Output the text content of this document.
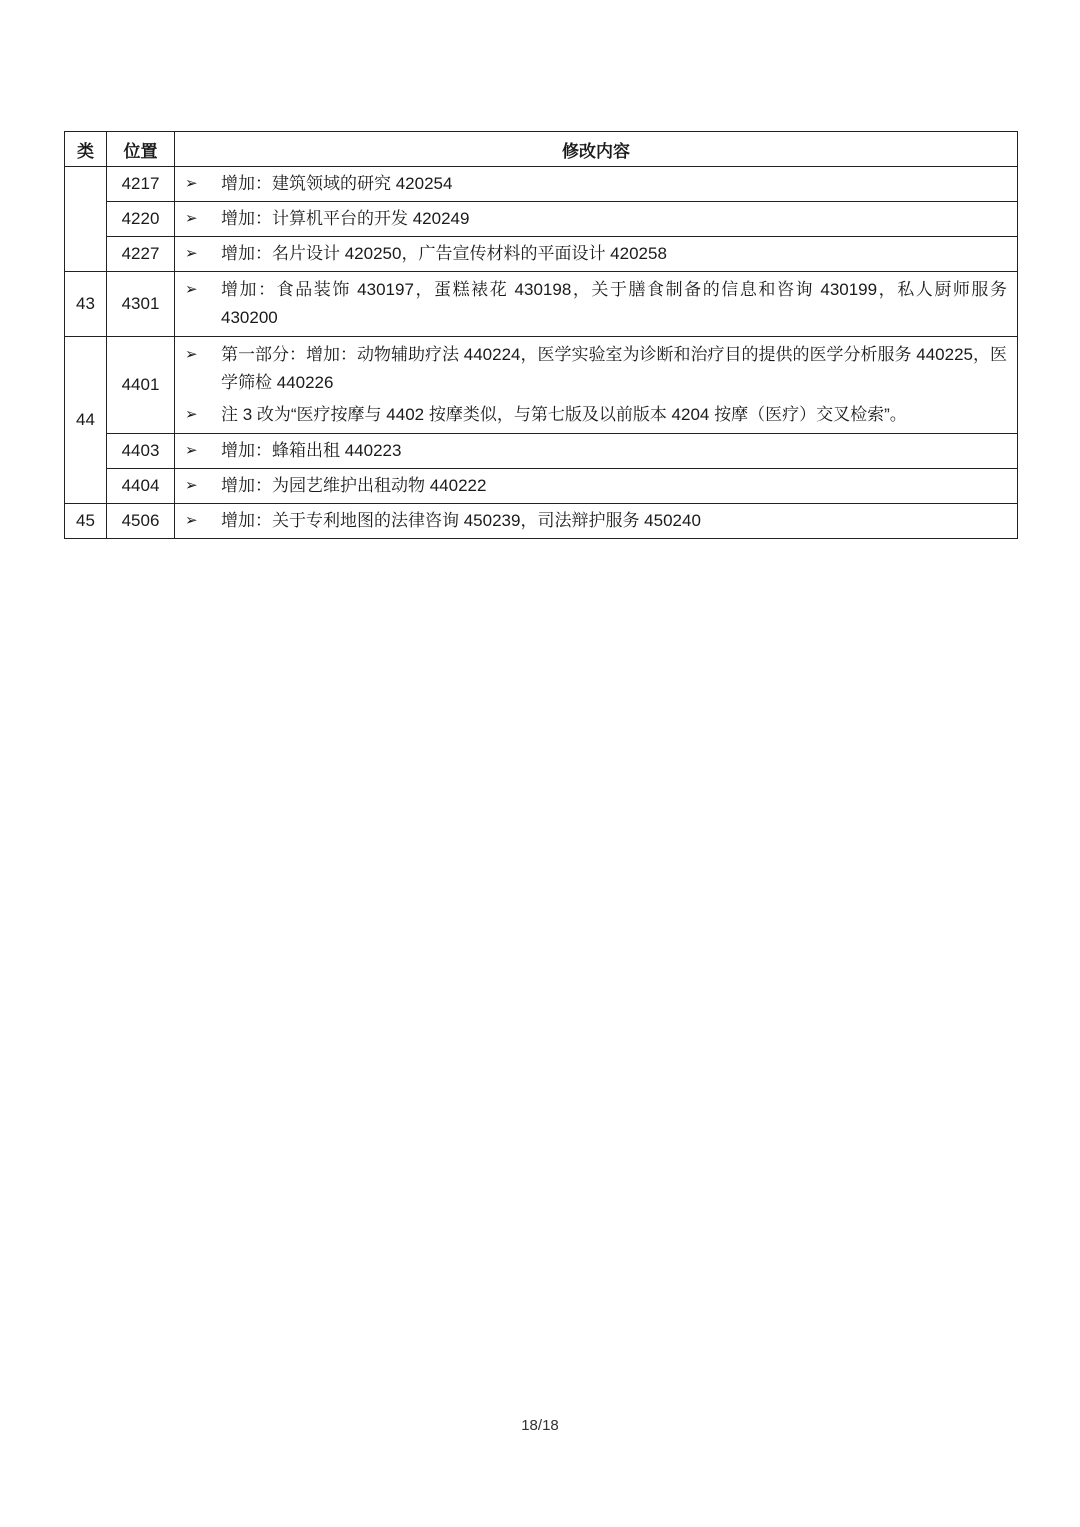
类	位置	修改内容
	4217	➢ 增加：建筑领域的研究 420254

	4220	➢ 增加：计算机平台的开发 420249

	4227	➢ 增加：名片设计 420250，广告宣传材料的平面设计 420258

43	4301	➢ 增加：食品装饰 430197，蛋糕裱花 430198，关于膳食制备的信息和咨询 430199，私人厨师服务 430200

44	4401	➢ 第一部分：增加：动物辅助疗法 440224，医学实验室为诊断和治疗目的提供的医学分析服务 440225，医学筛检 440226
➢ 注 3 改为“医疗按摩与 4402 按摩类似，与第七版及以前版本 4204 按摩（医疗）交叉检索”。

	4403	➢ 增加：蜂箱出租 440223

	4404	➢ 增加：为园艺维护出租动物 440222

45	4506	➢ 增加：关于专利地图的法律咨询 450239，司法辩护服务 450240
18/18
